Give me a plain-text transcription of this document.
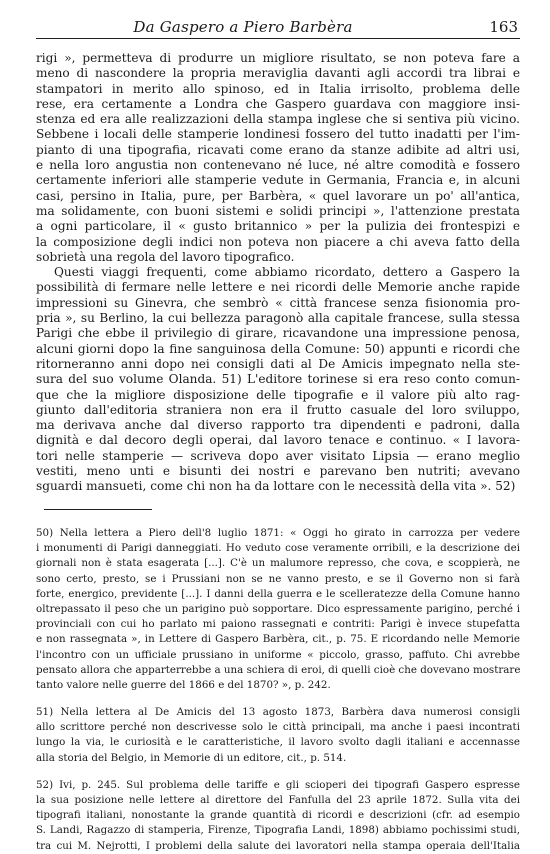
Da Gaspero a Piero Barbèra	163
rigi », permetteva di produrre un migliore risultato, se non poteva fare a
meno di nascondere la propria meraviglia davanti agli accordi tra librai e
stampatori in merito allo spinoso, ed in Italia irrisolto, problema delle
rese, era certamente a Londra che Gaspero guardava con maggiore insi-
stenza ed era alle realizzazioni della stampa inglese che si sentiva più vicino.
Sebbene i locali delle stamperie londinesi fossero del tutto inadatti per l'im-
pianto di una tipografia, ricavati come erano da stanze adibite ad altri usi,
e nella loro angustia non contenevano né luce, né altre comodità e fossero
certamente inferiori alle stamperie vedute in Germania, Francia e, in alcuni
casi, persino in Italia, pure, per Barbèra, « quel lavorare un po' all'antica,
ma solidamente, con buoni sistemi e solidi principi », l'attenzione prestata
a ogni particolare, il « gusto britannico » per la pulizia dei frontespizi e
la composizione degli indici non poteva non piacere a chi aveva fatto della
sobrietà una regola del lavoro tipografico.
Questi viaggi frequenti, come abbiamo ricordato, dettero a Gaspero la
possibilità di fermare nelle lettere e nei ricordi delle Memorie anche rapide
impressioni su Ginevra, che sembrò « città francese senza fisionomia pro-
pria », su Berlino, la cui bellezza paragonò alla capitale francese, sulla stessa
Parigi che ebbe il privilegio di girare, ricavandone una impressione penosa,
alcuni giorni dopo la fine sanguinosa della Comune: 50) appunti e ricordi che
ritorneranno anni dopo nei consigli dati al De Amicis impegnato nella ste-
sura del suo volume Olanda. 51) L'editore torinese si era reso conto comun-
que che la migliore disposizione delle tipografie e il valore più alto rag-
giunto dall'editoria straniera non era il frutto casuale del loro sviluppo,
ma derivava anche dal diverso rapporto tra dipendenti e padroni, dalla
dignità e dal decoro degli operai, dal lavoro tenace e continuo. « I lavora-
tori nelle stamperie — scriveva dopo aver visitato Lipsia — erano meglio
vestiti, meno unti e bisunti dei nostri e parevano ben nutriti; avevano
sguardi mansueti, come chi non ha da lottare con le necessità della vita ». 52)
50) Nella lettera a Piero dell'8 luglio 1871: « Oggi ho girato in carrozza per vedere
i monumenti di Parigi danneggiati. Ho veduto cose veramente orribili, e la descrizione dei
giornali non è stata esagerata [...]. C'è un malumore represso, che cova, e scoppierà, ne
sono certo, presto, se i Prussiani non se ne vanno presto, e se il Governo non si farà
forte, energico, previdente [...]. I danni della guerra e le scelleratezze della Comune hanno
oltrepassato il peso che un parigino può sopportare. Dico espressamente parigino, perché i
provinciali con cui ho parlato mi paiono rassegnati e contriti: Parigi è invece stupefatta
e non rassegnata », in Lettere di Gaspero Barbèra, cit., p. 75. E ricordando nelle Memorie
l'incontro con un ufficiale prussiano in uniforme « piccolo, grasso, paffuto. Chi avrebbe
pensato allora che apparterrebbe a una schiera di eroi, di quelli cioè che dovevano mostrare
tanto valore nelle guerre del 1866 e del 1870? », p. 242.
51) Nella lettera al De Amicis del 13 agosto 1873, Barbèra dava numerosi consigli
allo scrittore perché non descrivesse solo le città principali, ma anche i paesi incontrati
lungo la via, le curiosità e le caratteristiche, il lavoro svolto dagli italiani e accennasse
alla storia del Belgio, in Memorie di un editore, cit., p. 514.
52) Ivi, p. 245. Sul problema delle tariffe e gli scioperi dei tipografi Gaspero espresse
la sua posizione nelle lettere al direttore del Fanfulla del 23 aprile 1872. Sulla vita dei
tipografi italiani, nonostante la grande quantità di ricordi e descrizioni (cfr. ad esempio
S. Landi, Ragazzo di stamperia, Firenze, Tipografia Landi, 1898) abbiamo pochissimi studi,
tra cui M. Nejrotti, I problemi della salute dei lavoratori nella stampa operaia dell'Italia
